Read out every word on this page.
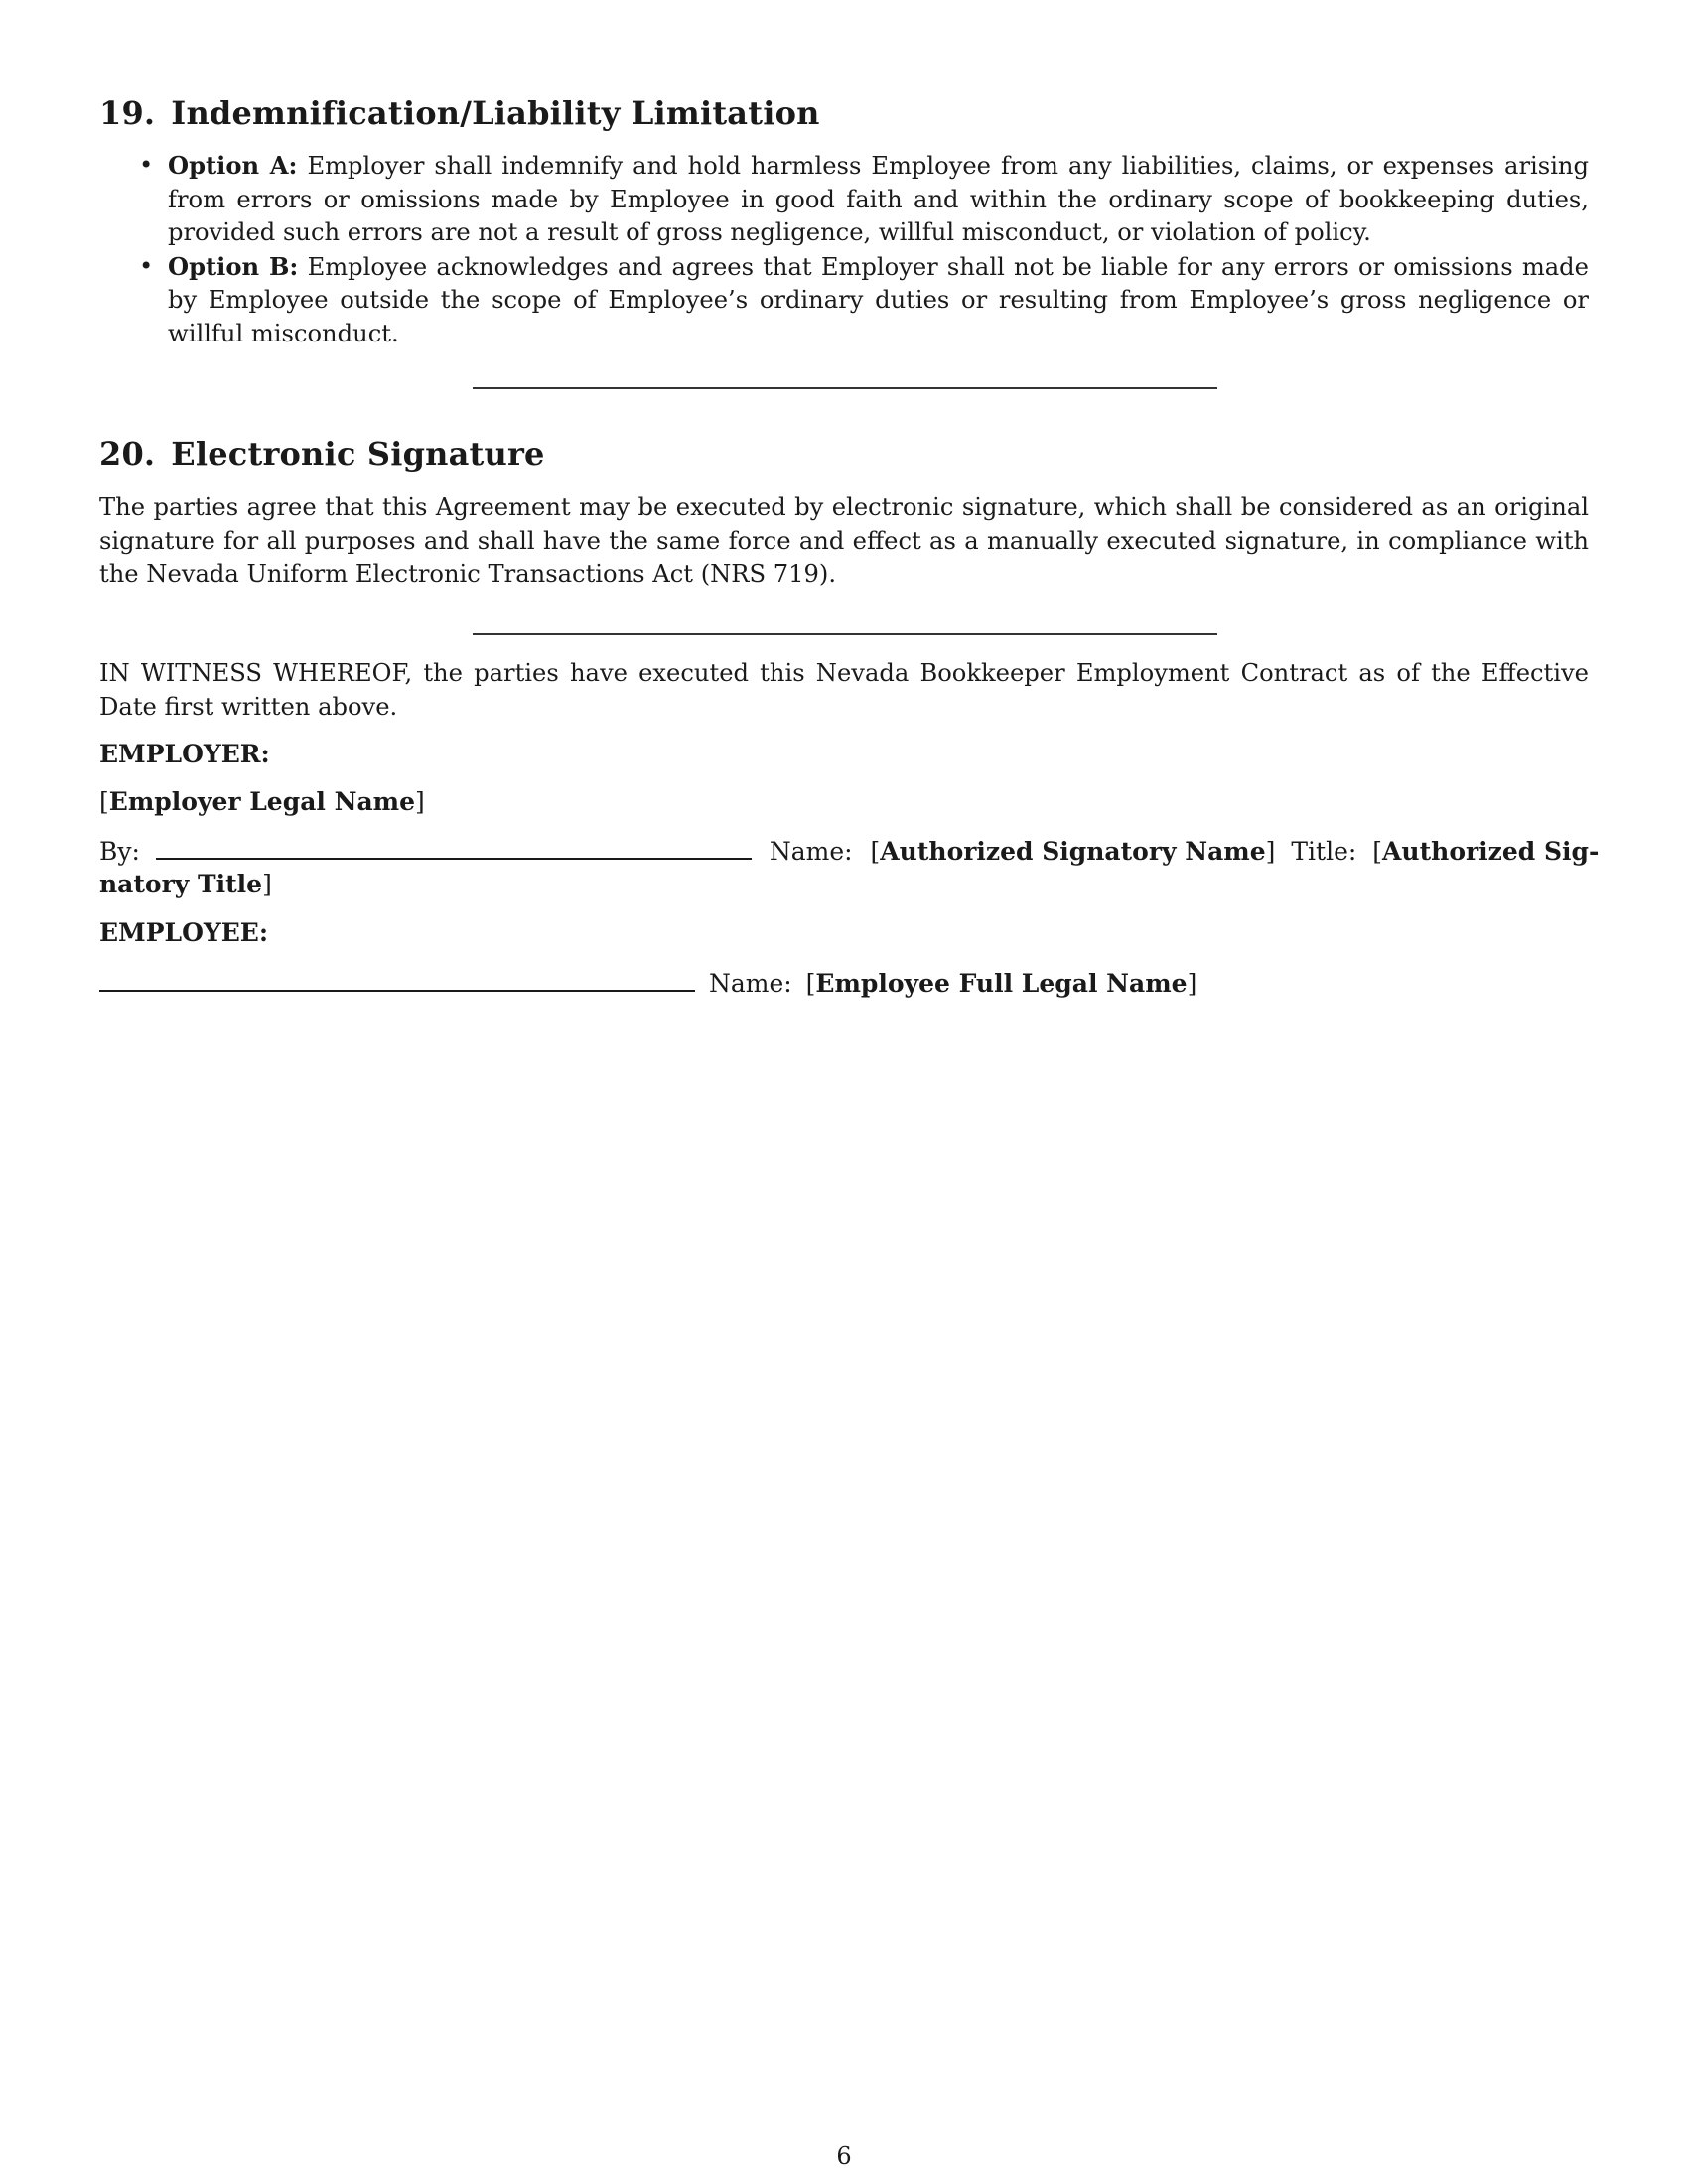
19. Indemnification/Liability Limitation
• Option A: Employer shall indemnify and hold harmless Employee from any liabilities, claims, or expenses arising from errors or omissions made by Employee in good faith and within the ordinary scope of bookkeeping duties, provided such errors are not a result of gross negligence, willful misconduct, or violation of policy.
• Option B: Employee acknowledges and agrees that Employer shall not be liable for any errors or omissions made by Employee outside the scope of Employee’s ordinary duties or resulting from Employee’s gross negligence or willful misconduct.
20. Electronic Signature

The parties agree that this Agreement may be executed by electronic signature, which shall be considered as an original signature for all purposes and shall have the same force and effect as a manually executed signature, in compliance with the Nevada Uniform Electronic Transactions Act (NRS 719).

IN WITNESS WHEREOF, the parties have executed this Nevada Bookkeeper Employment Contract as of the Effective Date first written above.

EMPLOYER:
[Employer Legal Name]
By:	Name: [Authorized Signatory Name] Title: [Authorized Sig-
natory Title]
EMPLOYEE:
Name: [Employee Full Legal Name]
6
